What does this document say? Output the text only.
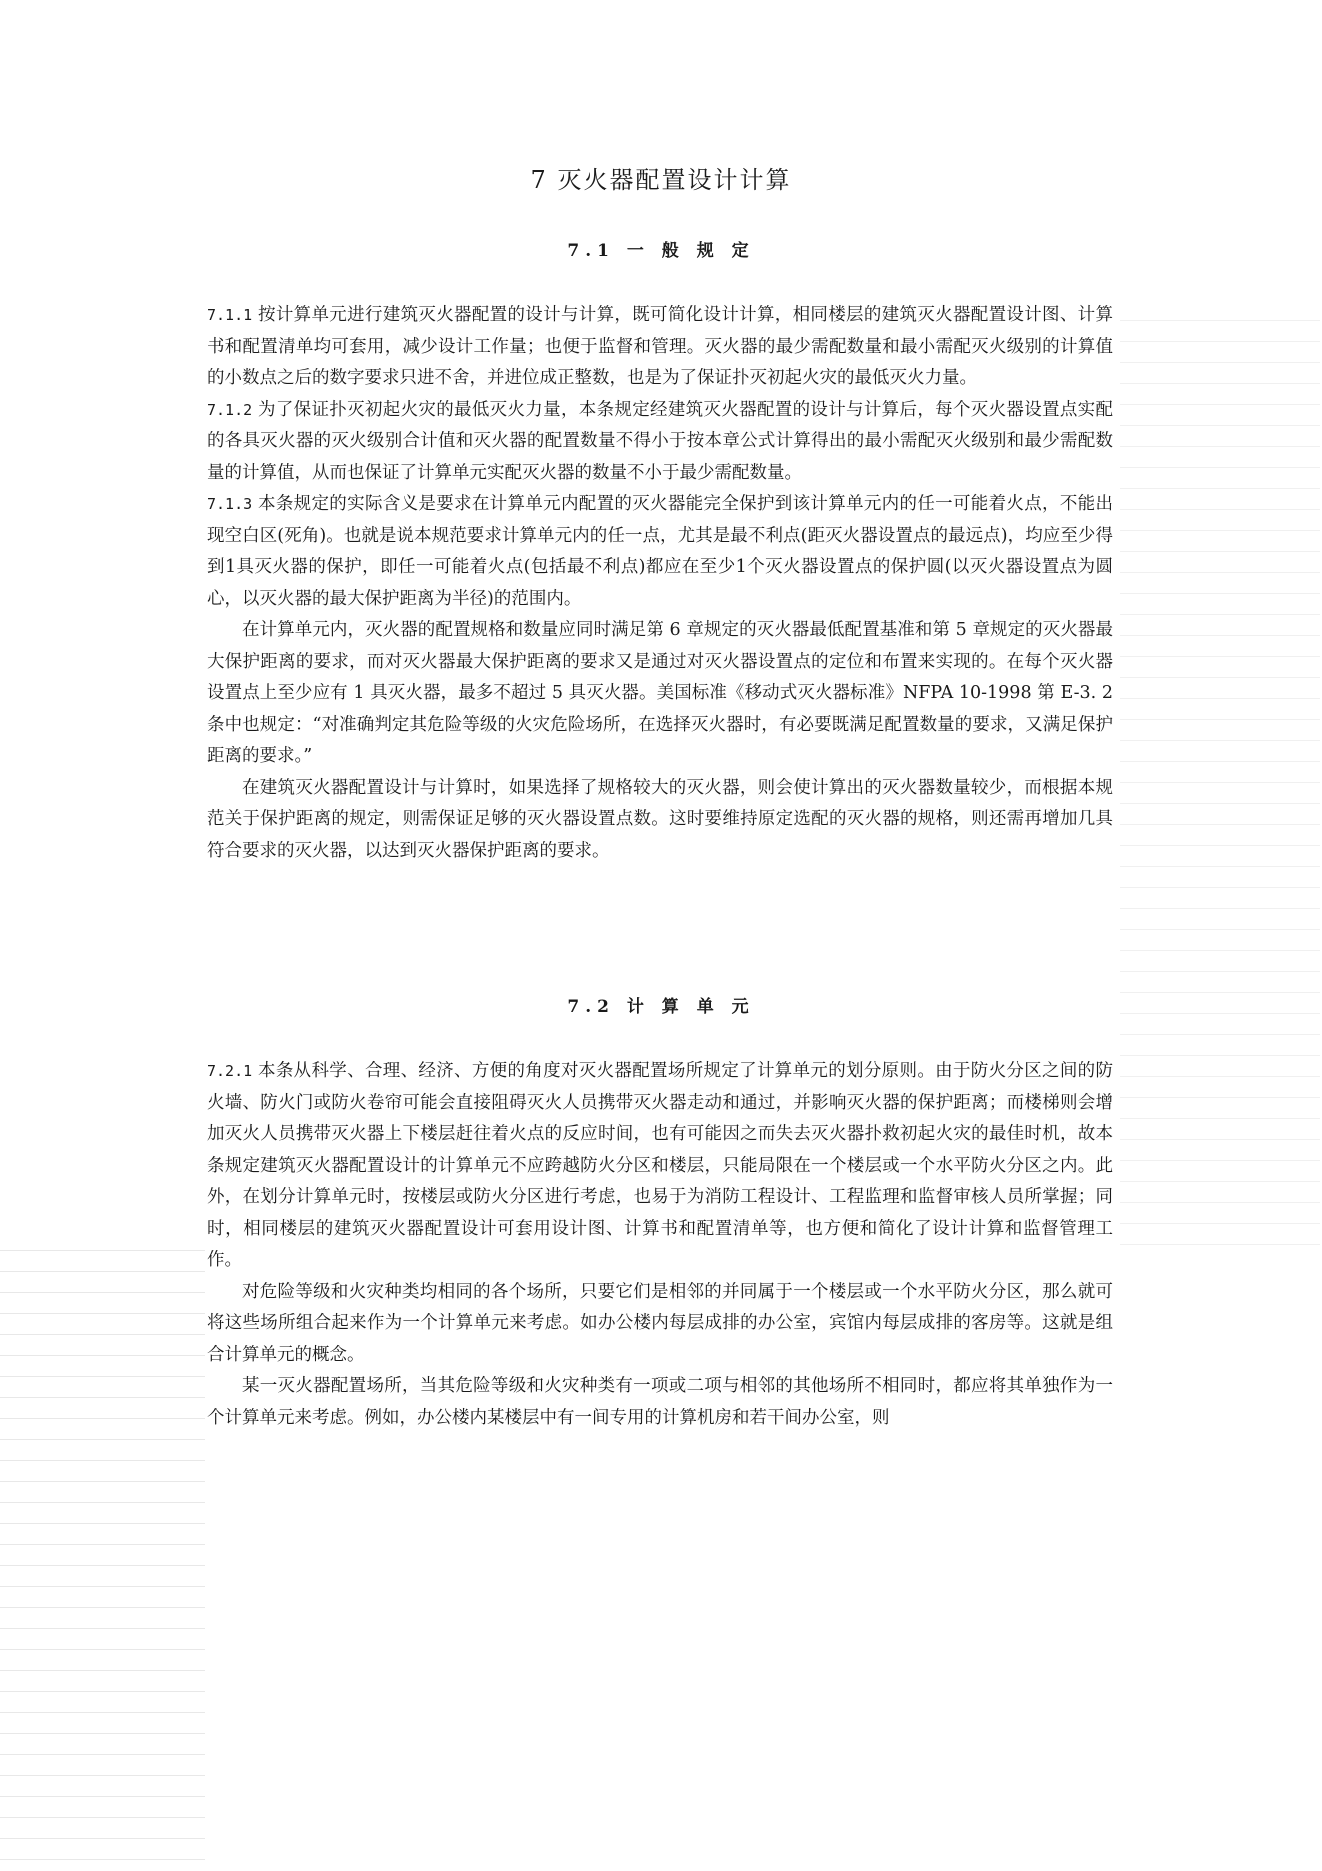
7 灭火器配置设计计算
7.1 一 般 规 定

7.1.1 按计算单元进行建筑灭火器配置的设计与计算，既可简化设计计算，相同楼层的建筑灭火器配置设计图、计算书和配置清单均可套用，减少设计工作量；也便于监督和管理。灭火器的最少需配数量和最小需配灭火级别的计算值的小数点之后的数字要求只进不舍，并进位成正整数，也是为了保证扑灭初起火灾的最低灭火力量。

7.1.2 为了保证扑灭初起火灾的最低灭火力量，本条规定经建筑灭火器配置的设计与计算后，每个灭火器设置点实配的各具灭火器的灭火级别合计值和灭火器的配置数量不得小于按本章公式计算得出的最小需配灭火级别和最少需配数量的计算值，从而也保证了计算单元实配灭火器的数量不小于最少需配数量。

7.1.3 本条规定的实际含义是要求在计算单元内配置的灭火器能完全保护到该计算单元内的任一可能着火点，不能出现空白区(死角)。也就是说本规范要求计算单元内的任一点，尤其是最不利点(距灭火器设置点的最远点)，均应至少得到1具灭火器的保护，即任一可能着火点(包括最不利点)都应在至少1个灭火器设置点的保护圆(以灭火器设置点为圆心，以灭火器的最大保护距离为半径)的范围内。

在计算单元内，灭火器的配置规格和数量应同时满足第 6 章规定的灭火器最低配置基准和第 5 章规定的灭火器最大保护距离的要求，而对灭火器最大保护距离的要求又是通过对灭火器设置点的定位和布置来实现的。在每个灭火器设置点上至少应有 1 具灭火器，最多不超过 5 具灭火器。美国标准《移动式灭火器标准》NFPA 10-1998 第 E-3. 2 条中也规定：“对准确判定其危险等级的火灾危险场所，在选择灭火器时，有必要既满足配置数量的要求，又满足保护距离的要求。”

在建筑灭火器配置设计与计算时，如果选择了规格较大的灭火器，则会使计算出的灭火器数量较少，而根据本规范关于保护距离的规定，则需保证足够的灭火器设置点数。这时要维持原定选配的灭火器的规格，则还需再增加几具符合要求的灭火器，以达到灭火器保护距离的要求。

7.2 计 算 单 元

7.2.1 本条从科学、合理、经济、方便的角度对灭火器配置场所规定了计算单元的划分原则。由于防火分区之间的防火墙、防火门或防火卷帘可能会直接阻碍灭火人员携带灭火器走动和通过，并影响灭火器的保护距离；而楼梯则会增加灭火人员携带灭火器上下楼层赶往着火点的反应时间，也有可能因之而失去灭火器扑救初起火灾的最佳时机，故本条规定建筑灭火器配置设计的计算单元不应跨越防火分区和楼层，只能局限在一个楼层或一个水平防火分区之内。此外，在划分计算单元时，按楼层或防火分区进行考虑，也易于为消防工程设计、工程监理和监督审核人员所掌握；同时，相同楼层的建筑灭火器配置设计可套用设计图、计算书和配置清单等，也方便和简化了设计计算和监督管理工作。

对危险等级和火灾种类均相同的各个场所，只要它们是相邻的并同属于一个楼层或一个水平防火分区，那么就可将这些场所组合起来作为一个计算单元来考虑。如办公楼内每层成排的办公室，宾馆内每层成排的客房等。这就是组合计算单元的概念。

某一灭火器配置场所，当其危险等级和火灾种类有一项或二项与相邻的其他场所不相同时，都应将其单独作为一个计算单元来考虑。例如，办公楼内某楼层中有一间专用的计算机房和若干间办公室，则
